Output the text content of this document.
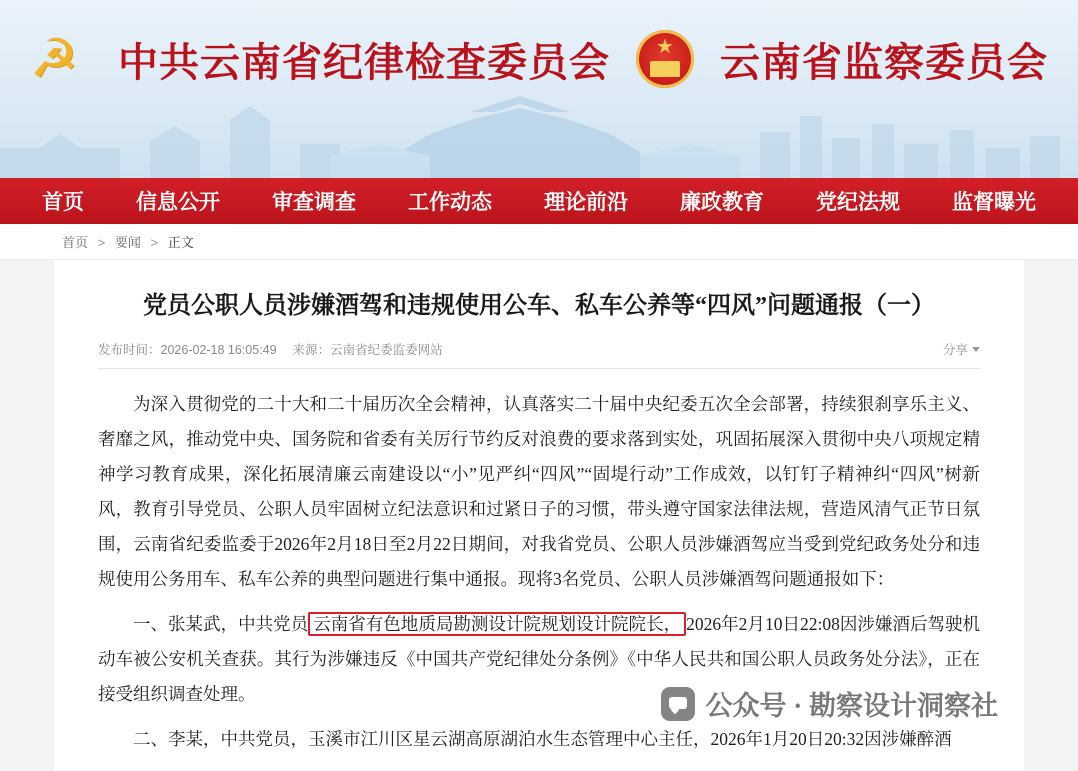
☭ 中共云南省纪律检查委员会 ★ 云南省监察委员会
首页	信息公开	审查调查	工作动态	理论前沿	廉政教育	党纪法规	监督曝光
首页 > 要闻 > 正文
党员公职人员涉嫌酒驾和违规使用公车、私车公养等“四风”问题通报（一）
发布时间：2026-02-18 16:05:49 来源：云南省纪委监委网站	分享

为深入贯彻党的二十大和二十届历次全会精神，认真落实二十届中央纪委五次全会部署，持续狠刹享乐主义、奢靡之风，推动党中央、国务院和省委有关厉行节约反对浪费的要求落到实处，巩固拓展深入贯彻中央八项规定精神学习教育成果，深化拓展清廉云南建设以“小”见严纠“四风”“固堤行动”工作成效，以钉钉子精神纠“四风”树新风，教育引导党员、公职人员牢固树立纪法意识和过紧日子的习惯，带头遵守国家法律法规，营造风清气正节日氛围，云南省纪委监委于2026年2月18日至2月22日期间，对我省党员、公职人员涉嫌酒驾应当受到党纪政务处分和违规使用公务用车、私车公养的典型问题进行集中通报。现将3名党员、公职人员涉嫌酒驾问题通报如下：

一、张某武，中共党员 云南省有色地质局勘测设计院规划设计院院长， 2026年2月10日22:08因涉嫌酒后驾驶机动车被公安机关查获。其行为涉嫌违反《中国共产党纪律处分条例》《中华人民共和国公职人员政务处分法》，正在接受组织调查处理。

二、李某，中共党员，玉溪市江川区星云湖高原湖泊水生态管理中心主任，2026年1月20日20:32因涉嫌醉酒

公众号 · 勘察设计洞察社
